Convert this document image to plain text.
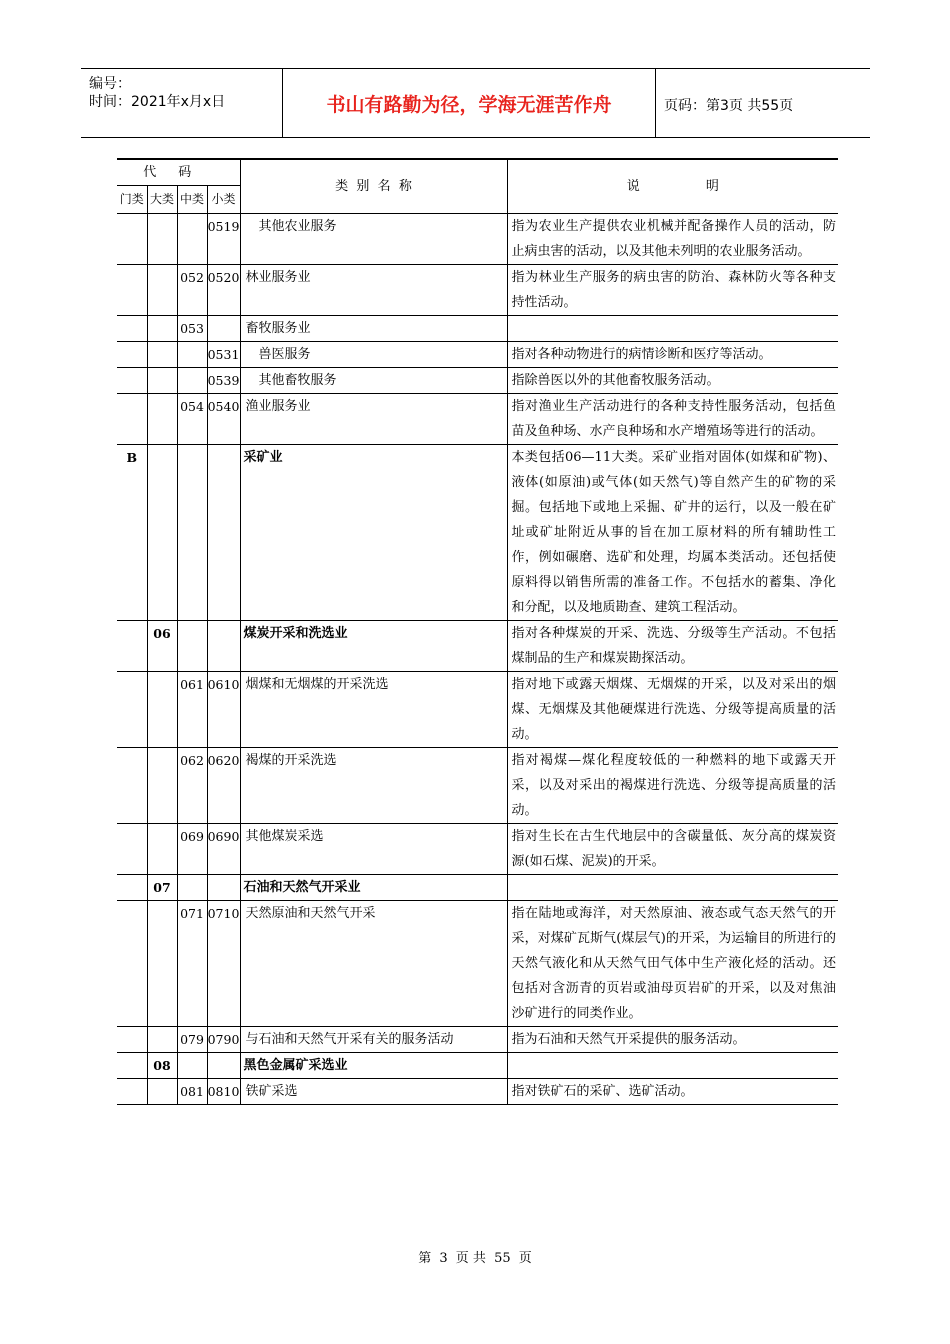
编号：
时间：2021年x月x日	书山有路勤为径，学海无涯苦作舟	页码：第3页 共55页
代码				类  别  名  称	说                明
门类	大类	中类	小类		
			0519	其他农业服务	指为农业生产提供农业机械并配备操作人员的活动，防止病虫害的活动，以及其他未列明的农业服务活动。
		052	0520	林业服务业	指为林业生产服务的病虫害的防治、森林防火等各种支持性活动。
		053		畜牧服务业	
			0531	兽医服务	指对各种动物进行的病情诊断和医疗等活动。
			0539	其他畜牧服务	指除兽医以外的其他畜牧服务活动。
		054	0540	渔业服务业	指对渔业生产活动进行的各种支持性服务活动，包括鱼苗及鱼种场、水产良种场和水产增殖场等进行的活动。
B				采矿业	本类包括06—11大类。采矿业指对固体(如煤和矿物)、液体(如原油)或气体(如天然气)等自然产生的矿物的采掘。包括地下或地上采掘、矿井的运行，以及一般在矿址或矿址附近从事的旨在加工原材料的所有辅助性工作，例如碾磨、选矿和处理，均属本类活动。还包括使原料得以销售所需的准备工作。不包括水的蓄集、净化和分配，以及地质勘查、建筑工程活动。
	06			煤炭开采和洗选业	指对各种煤炭的开采、洗选、分级等生产活动。不包括煤制品的生产和煤炭勘探活动。
		061	0610	烟煤和无烟煤的开采洗选	指对地下或露天烟煤、无烟煤的开采，以及对采出的烟煤、无烟煤及其他硬煤进行洗选、分级等提高质量的活动。
		062	0620	褐煤的开采洗选	指对褐煤—煤化程度较低的一种燃料的地下或露天开采，以及对采出的褐煤进行洗选、分级等提高质量的活动。
		069	0690	其他煤炭采选	指对生长在古生代地层中的含碳量低、灰分高的煤炭资源(如石煤、泥炭)的开采。
	07			石油和天然气开采业	
		071	0710	天然原油和天然气开采	指在陆地或海洋，对天然原油、液态或气态天然气的开采，对煤矿瓦斯气(煤层气)的开采，为运输目的所进行的天然气液化和从天然气田气体中生产液化烃的活动。还包括对含沥青的页岩或油母页岩矿的开采，以及对焦油沙矿进行的同类作业。
		079	0790	与石油和天然气开采有关的服务活动	指为石油和天然气开采提供的服务活动。
	08			黑色金属矿采选业	
		081	0810	铁矿采选	指对铁矿石的采矿、选矿活动。
第 3 页 共 55 页
